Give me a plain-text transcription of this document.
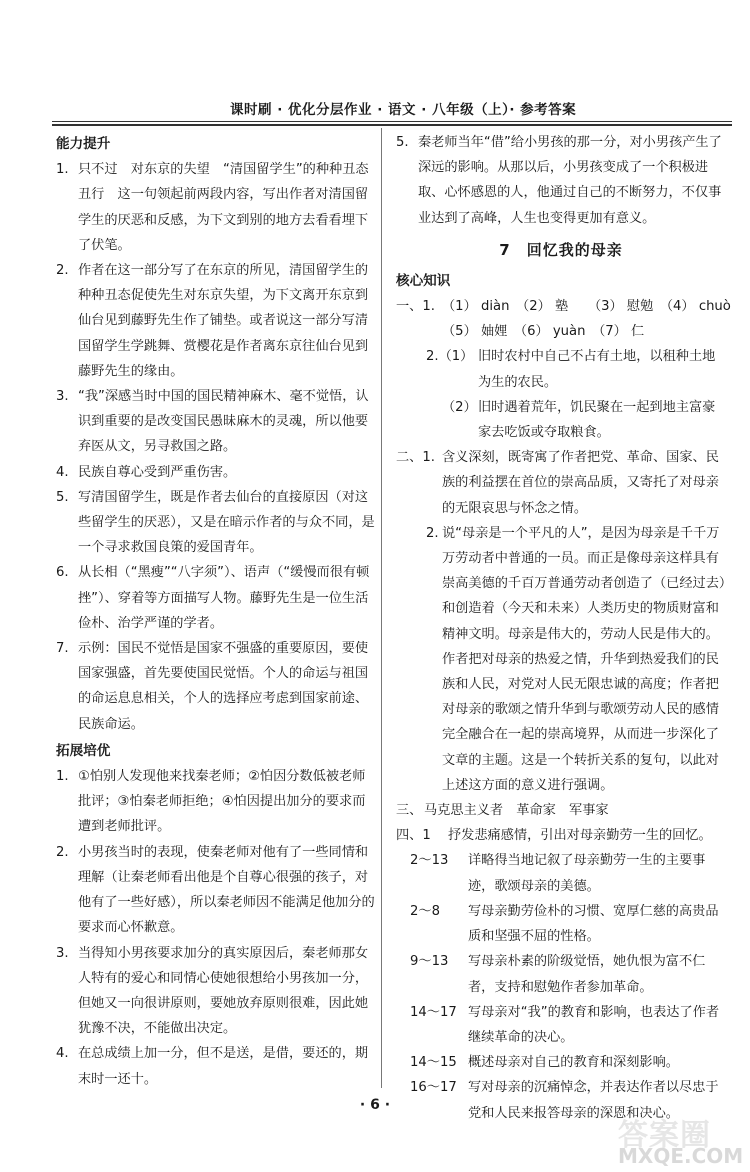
课时刷 · 优化分层作业 · 语文 · 八年级（上）· 参考答案
能力提升
1. 只不过　对东京的失望　“清国留学生”的种种丑态丑行　这一句领起前两段内容，写出作者对清国留学生的厌恶和反感，为下文到别的地方去看看埋下了伏笔。
2. 作者在这一部分写了在东京的所见，清国留学生的种种丑态促使先生对东京失望，为下文离开东京到仙台见到藤野先生作了铺垫。或者说这一部分写清国留学生学跳舞、赏樱花是作者离东京往仙台见到藤野先生的缘由。
3. “我”深感当时中国的国民精神麻木、毫不觉悟，认识到重要的是改变国民愚昧麻木的灵魂，所以他要弃医从文，另寻救国之路。
4. 民族自尊心受到严重伤害。
5. 写清国留学生，既是作者去仙台的直接原因（对这些留学生的厌恶），又是在暗示作者的与众不同，是一个寻求救国良策的爱国青年。
6. 从长相（“黑瘦”“八字须”）、语声（“缓慢而很有顿挫”）、穿着等方面描写人物。藤野先生是一位生活俭朴、治学严谨的学者。
7. 示例：国民不觉悟是国家不强盛的重要原因，要使国家强盛，首先要使国民觉悟。个人的命运与祖国的命运息息相关，个人的选择应考虑到国家前途、民族命运。
拓展培优
1. ①怕别人发现他来找秦老师；②怕因分数低被老师批评；③怕秦老师拒绝；④怕因提出加分的要求而遭到老师批评。
2. 小男孩当时的表现，使秦老师对他有了一些同情和理解（让秦老师看出他是个自尊心很强的孩子，对他有了一些好感），所以秦老师因不能满足他加分的要求而心怀歉意。
3. 当得知小男孩要求加分的真实原因后，秦老师那女人特有的爱心和同情心使她很想给小男孩加一分，但她又一向很讲原则，要她放弃原则很难，因此她犹豫不决，不能做出决定。
4. 在总成绩上加一分，但不是送，是借，要还的，期末时一还十。
5. 秦老师当年“借”给小男孩的那一分，对小男孩产生了深远的影响。从那以后，小男孩变成了一个积极进取、心怀感恩的人，他通过自己的不断努力，不仅事业达到了高峰，人生也变得更加有意义。
7　回忆我的母亲
核心知识
一、1. （1） diàn　（2） 塾　　（3） 慰勉　（4） chuò
（5） 妯娌　（6） yuàn　（7） 仁
2.（1） 旧时农村中自己不占有土地，以租种土地为生的农民。
（2） 旧时遇着荒年，饥民聚在一起到地主富豪家去吃饭或夺取粮食。
二、1. 含义深刻，既寄寓了作者把党、革命、国家、民族的利益摆在首位的崇高品质，又寄托了对母亲的无限哀思与怀念之情。
2. 说“母亲是一个平凡的人”，是因为母亲是千千万万劳动者中普通的一员。而正是像母亲这样具有崇高美德的千百万普通劳动者创造了（已经过去）和创造着（今天和未来）人类历史的物质财富和精神文明。母亲是伟大的，劳动人民是伟大的。作者把对母亲的热爱之情，升华到热爱我们的民族和人民，对党对人民无限忠诚的高度；作者把对母亲的歌颂之情升华到与歌颂劳动人民的感情完全融合在一起的崇高境界，从而进一步深化了文章的主题。这是一个转折关系的复句，以此对上述这方面的意义进行强调。
三、 马克思主义者　革命家　军事家
四、1	抒发悲痛感情，引出对母亲勤劳一生的回忆。
2～13	详略得当地记叙了母亲勤劳一生的主要事迹，歌颂母亲的美德。
2～8	写母亲勤劳俭朴的习惯、宽厚仁慈的高贵品质和坚强不屈的性格。
9～13	写母亲朴素的阶级觉悟，她仇恨为富不仁者，支持和慰勉作者参加革命。
14～17 写母亲对“我”的教育和影响，也表达了作者继续革命的决心。
14～15 概述母亲对自己的教育和深刻影响。
16～17 写对母亲的沉痛悼念，并表达作者以尽忠于党和人民来报答母亲的深恩和决心。
· 6 ·
答案圈
MXQE.COM
